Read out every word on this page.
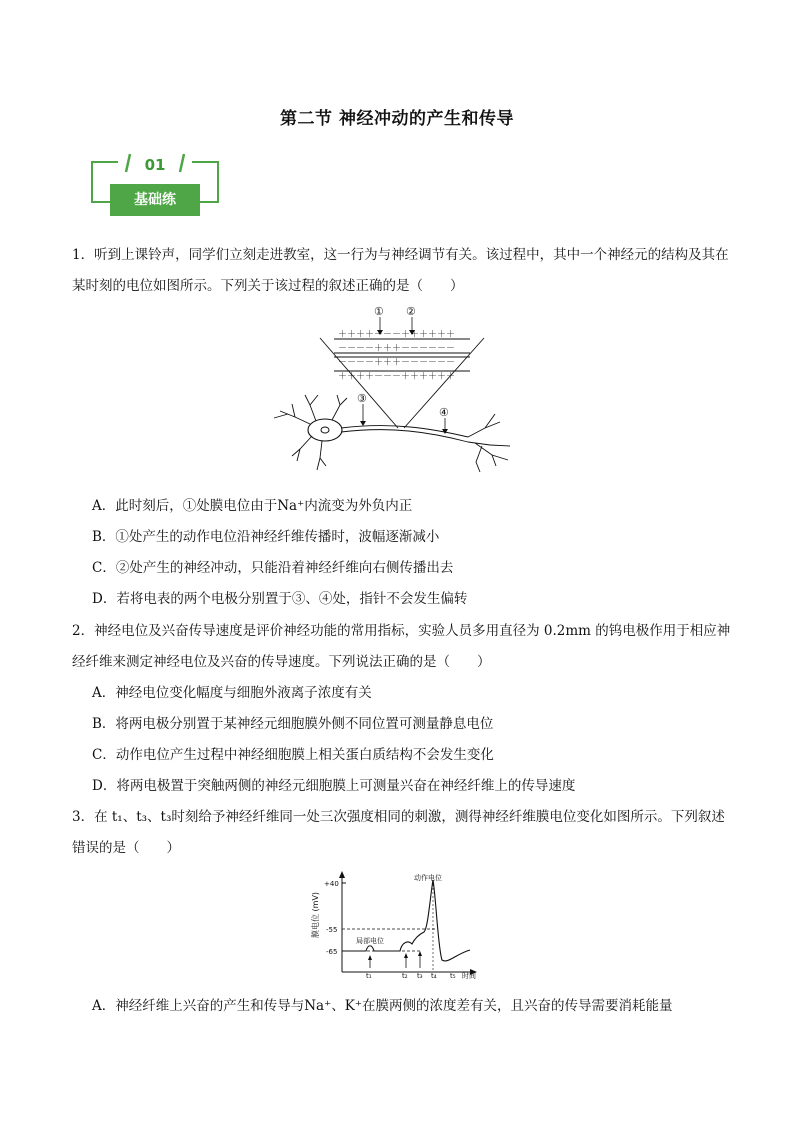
第二节 神经冲动的产生和传导
01
基础练
1．听到上课铃声，同学们立刻走进教室，这一行为与神经调节有关。该过程中，其中一个神经元的结构及其在某时刻的电位如图所示。下列关于该过程的叙述正确的是（　　）
① ②
＋＋＋＋－－－＋＋＋＋＋＋
－－－－＋＋＋－－－－－－
－－－－＋＋＋－－－－－－
＋＋＋＋－－－＋＋＋＋＋＋
③
④
A．此时刻后，①处膜电位由于Na⁺内流变为外负内正
B．①处产生的动作电位沿神经纤维传播时，波幅逐渐减小
C．②处产生的神经冲动，只能沿着神经纤维向右侧传播出去
D．若将电表的两个电极分别置于③、④处，指针不会发生偏转
2．神经电位及兴奋传导速度是评价神经功能的常用指标，实验人员多用直径为 0.2mm 的钨电极作用于相应神经纤维来测定神经电位及兴奋的传导速度。下列说法正确的是（　　）
A．神经电位变化幅度与细胞外液离子浓度有关
B．将两电极分别置于某神经元细胞膜外侧不同位置可测量静息电位
C．动作电位产生过程中神经细胞膜上相关蛋白质结构不会发生变化
D．将两电极置于突触两侧的神经元细胞膜上可测量兴奋在神经纤维上的传导速度
3．在 t₁、t₃、t₃时刻给予神经纤维同一处三次强度相同的刺激，测得神经纤维膜电位变化如图所示。下列叙述错误的是（　　）
膜电位 (mV)
+40
-55
-65
动作电位
局部电位
t₁	t₂ t₃ t₄ t₅ 时间
A．神经纤维上兴奋的产生和传导与Na⁺、K⁺在膜两侧的浓度差有关，且兴奋的传导需要消耗能量
